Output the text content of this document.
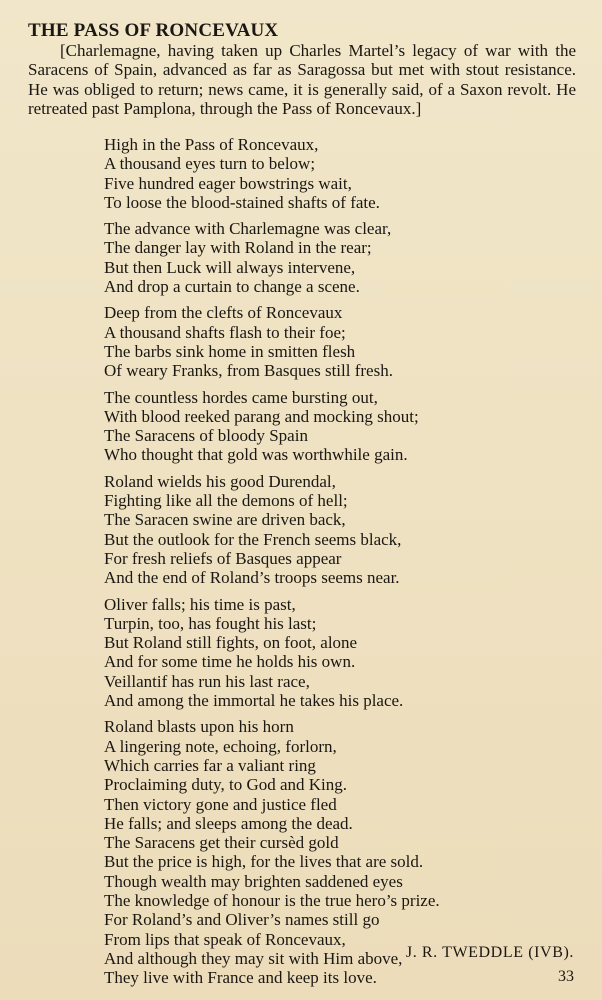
THE PASS OF RONCEVAUX

[Charlemagne, having taken up Charles Martel’s legacy of war with the Saracens of Spain, advanced as far as Saragossa but met with stout resistance. He was obliged to return; news came, it is generally said, of a Saxon revolt. He retreated past Pamplona, through the Pass of Roncevaux.]

High in the Pass of Roncevaux,
A thousand eyes turn to below;
Five hundred eager bowstrings wait,
To loose the blood-stained shafts of fate.
The advance with Charlemagne was clear,
The danger lay with Roland in the rear;
But then Luck will always intervene,
And drop a curtain to change a scene.
Deep from the clefts of Roncevaux
A thousand shafts flash to their foe;
The barbs sink home in smitten flesh
Of weary Franks, from Basques still fresh.
The countless hordes came bursting out,
With blood reeked parang and mocking shout;
The Saracens of bloody Spain
Who thought that gold was worthwhile gain.
Roland wields his good Durendal,
Fighting like all the demons of hell;
The Saracen swine are driven back,
But the outlook for the French seems black,
For fresh reliefs of Basques appear
And the end of Roland’s troops seems near.
Oliver falls; his time is past,
Turpin, too, has fought his last;
But Roland still fights, on foot, alone
And for some time he holds his own.
Veillantif has run his last race,
And among the immortal he takes his place.
Roland blasts upon his horn
A lingering note, echoing, forlorn,
Which carries far a valiant ring
Proclaiming duty, to God and King.
Then victory gone and justice fled
He falls; and sleeps among the dead.
The Saracens get their cursèd gold
But the price is high, for the lives that are sold.
Though wealth may brighten saddened eyes
The knowledge of honour is the true hero’s prize.
For Roland’s and Oliver’s names still go
From lips that speak of Roncevaux,
And although they may sit with Him above,
They live with France and keep its love.
J. R. TWEDDLE (IVB).
33
